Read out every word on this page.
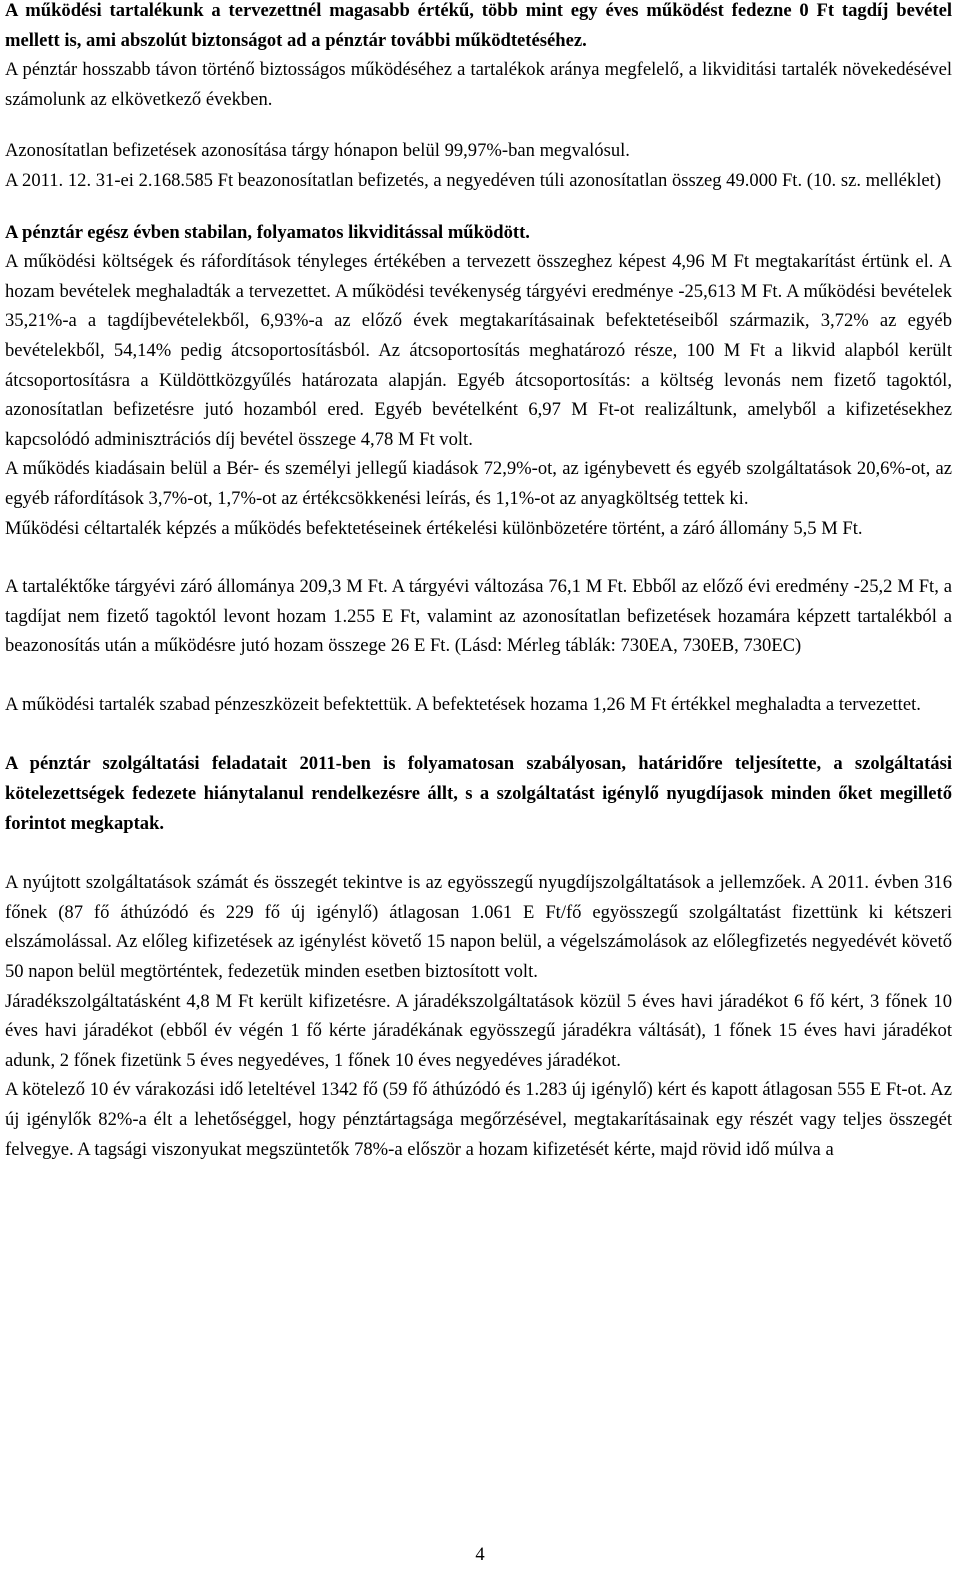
A működési tartalékunk a tervezettnél magasabb értékű, több mint egy éves működést fedezne 0 Ft tagdíj bevétel mellett is, ami abszolút biztonságot ad a pénztár további működtetéséhez.

A pénztár hosszabb távon történő biztosságos működéséhez a tartalékok aránya megfelelő, a likviditási tartalék növekedésével számolunk az elkövetkező években.

Azonosítatlan befizetések azonosítása tárgy hónapon belül 99,97%-ban megvalósul.

A 2011. 12. 31-ei 2.168.585 Ft beazonosítatlan befizetés, a negyedéven túli azonosítatlan összeg 49.000 Ft. (10. sz. melléklet)

A pénztár egész évben stabilan, folyamatos likviditással működött.

A működési költségek és ráfordítások tényleges értékében a tervezett összeghez képest 4,96 M Ft megtakarítást értünk el. A hozam bevételek meghaladták a tervezettet. A működési tevékenység tárgyévi eredménye -25,613 M Ft. A működési bevételek 35,21%-a a tagdíjbevételekből, 6,93%-a az előző évek megtakarításainak befektetéseiből származik, 3,72% az egyéb bevételekből, 54,14% pedig átcsoportosításból. Az átcsoportosítás meghatározó része, 100 M Ft a likvid alapból került átcsoportosításra a Küldöttközgyűlés határozata alapján. Egyéb átcsoportosítás: a költség levonás nem fizető tagoktól, azonosítatlan befizetésre jutó hozamból ered. Egyéb bevételként 6,97 M Ft-ot realizáltunk, amelyből a kifizetésekhez kapcsolódó adminisztrációs díj bevétel összege 4,78 M Ft volt.

A működés kiadásain belül a Bér- és személyi jellegű kiadások 72,9%-ot, az igénybevett és egyéb szolgáltatások 20,6%-ot, az egyéb ráfordítások 3,7%-ot, 1,7%-ot az értékcsökkenési leírás, és 1,1%-ot az anyagköltség tettek ki.

Működési céltartalék képzés a működés befektetéseinek értékelési különbözetére történt, a záró állomány 5,5 M Ft.

A tartaléktőke tárgyévi záró állománya 209,3 M Ft. A tárgyévi változása 76,1 M Ft. Ebből az előző évi eredmény -25,2 M Ft, a tagdíjat nem fizető tagoktól levont hozam 1.255 E Ft, valamint az azonosítatlan befizetések hozamára képzett tartalékból a beazonosítás után a működésre jutó hozam összege 26 E Ft. (Lásd: Mérleg táblák: 730EA, 730EB, 730EC)

A működési tartalék szabad pénzeszközeit befektettük. A befektetések hozama 1,26 M Ft értékkel meghaladta a tervezettet.

A pénztár szolgáltatási feladatait 2011-ben is folyamatosan szabályosan, határidőre teljesítette, a szolgáltatási kötelezettségek fedezete hiánytalanul rendelkezésre állt, s a szolgáltatást igénylő nyugdíjasok minden őket megillető forintot megkaptak.

A nyújtott szolgáltatások számát és összegét tekintve is az egyösszegű nyugdíjszolgáltatások a jellemzőek. A 2011. évben 316 főnek (87 fő áthúzódó és 229 fő új igénylő) átlagosan 1.061 E Ft/fő egyösszegű szolgáltatást fizettünk ki kétszeri elszámolással. Az előleg kifizetések az igénylést követő 15 napon belül, a végelszámolások az előlegfizetés negyedévét követő 50 napon belül megtörténtek, fedezetük minden esetben biztosított volt.

Járadékszolgáltatásként 4,8 M Ft került kifizetésre. A járadékszolgáltatások közül 5 éves havi járadékot 6 fő kért, 3 főnek 10 éves havi járadékot (ebből év végén 1 fő kérte járadékának egyösszegű járadékra váltását), 1 főnek 15 éves havi járadékot adunk, 2 főnek fizetünk 5 éves negyedéves, 1 főnek 10 éves negyedéves járadékot.

A kötelező 10 év várakozási idő leteltével 1342 fő (59 fő áthúzódó és 1.283 új igénylő) kért és kapott átlagosan 555 E Ft-ot. Az új igénylők 82%-a élt a lehetőséggel, hogy pénztártagsága megőrzésével, megtakarításainak egy részét vagy teljes összegét felvegye. A tagsági viszonyukat megszüntetők 78%-a először a hozam kifizetését kérte, majd rövid idő múlva a

4
